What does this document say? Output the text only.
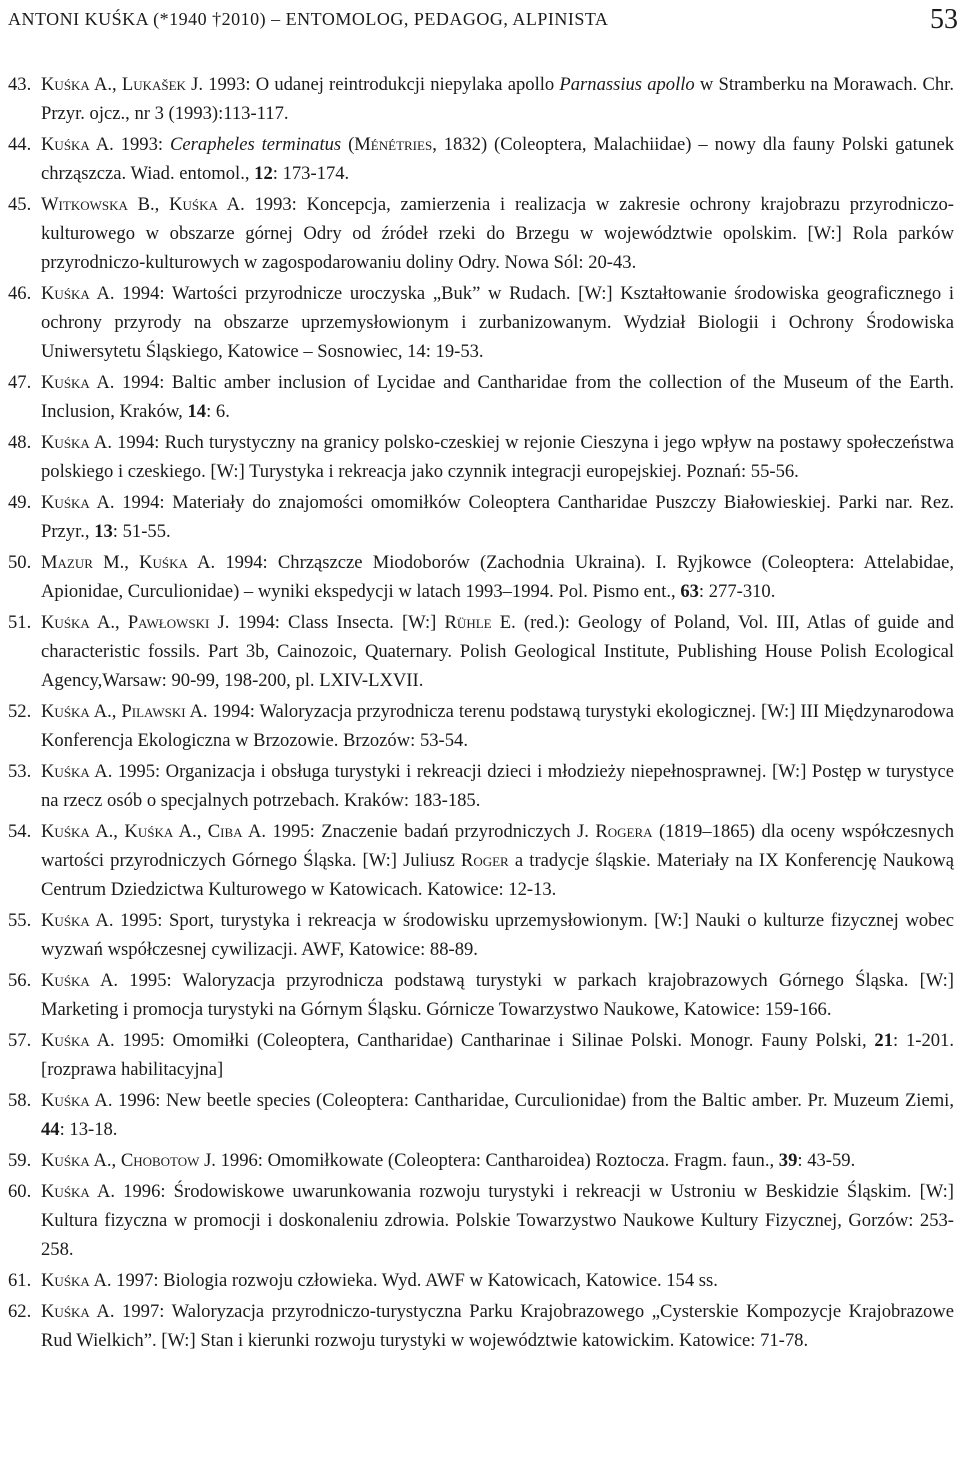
ANTONI KUŚKA (*1940 †2010) – ENTOMOLOG, PEDAGOG, ALPINISTA	53
43. Kuśka A., Lukašek J. 1993: O udanej reintrodukcji niepylaka apollo Parnassius apollo w Stramberku na Morawach. Chr. Przyr. ojcz., nr 3 (1993):113-117.
44. Kuśka A. 1993: Cerapheles terminatus (Ménétries, 1832) (Coleoptera, Malachiidae) – nowy dla fauny Polski gatunek chrząszcza. Wiad. entomol., 12: 173-174.
45. Witkowska B., Kuśka A. 1993: Koncepcja, zamierzenia i realizacja w zakresie ochrony krajobrazu przyrodniczo-kulturowego w obszarze górnej Odry od źródeł rzeki do Brzegu w województwie opolskim. [W:] Rola parków przyrodniczo-kulturowych w zagospodarowaniu doliny Odry. Nowa Sól: 20-43.
46. Kuśka A. 1994: Wartości przyrodnicze uroczyska „Buk” w Rudach. [W:] Kształtowanie środowiska geograficznego i ochrony przyrody na obszarze uprzemysłowionym i zurbanizowanym. Wydział Biologii i Ochrony Środowiska Uniwersytetu Śląskiego, Katowice – Sosnowiec, 14: 19-53.
47. Kuśka A. 1994: Baltic amber inclusion of Lycidae and Cantharidae from the collection of the Museum of the Earth. Inclusion, Kraków, 14: 6.
48. Kuśka A. 1994: Ruch turystyczny na granicy polsko-czeskiej w rejonie Cieszyna i jego wpływ na postawy społeczeństwa polskiego i czeskiego. [W:] Turystyka i rekreacja jako czynnik integracji europejskiej. Poznań: 55-56.
49. Kuśka A. 1994: Materiały do znajomości omomiłków Coleoptera Cantharidae Puszczy Białowieskiej. Parki nar. Rez. Przyr., 13: 51-55.
50. Mazur M., Kuśka A. 1994: Chrząszcze Miodoborów (Zachodnia Ukraina). I. Ryjkowce (Coleoptera: Attelabidae, Apionidae, Curculionidae) – wyniki ekspedycji w latach 1993–1994. Pol. Pismo ent., 63: 277-310.
51. Kuśka A., Pawłowski J. 1994: Class Insecta. [W:] Rühle E. (red.): Geology of Poland, Vol. III, Atlas of guide and characteristic fossils. Part 3b, Cainozoic, Quaternary. Polish Geological Institute, Publishing House Polish Ecological Agency,Warsaw: 90-99, 198-200, pl. LXIV-LXVII.
52. Kuśka A., Pilawski A. 1994: Waloryzacja przyrodnicza terenu podstawą turystyki ekologicznej. [W:] III Międzynarodowa Konferencja Ekologiczna w Brzozowie. Brzozów: 53-54.
53. Kuśka A. 1995: Organizacja i obsługa turystyki i rekreacji dzieci i młodzieży niepełnosprawnej. [W:] Postęp w turystyce na rzecz osób o specjalnych potrzebach. Kraków: 183-185.
54. Kuśka A., Kuśka A., Ciba A. 1995: Znaczenie badań przyrodniczych J. Rogera (1819–1865) dla oceny współczesnych wartości przyrodniczych Górnego Śląska. [W:] Juliusz Roger a tradycje śląskie. Materiały na IX Konferencję Naukową Centrum Dziedzictwa Kulturowego w Katowicach. Katowice: 12-13.
55. Kuśka A. 1995: Sport, turystyka i rekreacja w środowisku uprzemysłowionym. [W:] Nauki o kulturze fizycznej wobec wyzwań współczesnej cywilizacji. AWF, Katowice: 88-89.
56. Kuśka A. 1995: Waloryzacja przyrodnicza podstawą turystyki w parkach krajobrazowych Górnego Śląska. [W:] Marketing i promocja turystyki na Górnym Śląsku. Górnicze Towarzystwo Naukowe, Katowice: 159-166.
57. Kuśka A. 1995: Omomiłki (Coleoptera, Cantharidae) Cantharinae i Silinae Polski. Monogr. Fauny Polski, 21: 1-201. [rozprawa habilitacyjna]
58. Kuśka A. 1996: New beetle species (Coleoptera: Cantharidae, Curculionidae) from the Baltic amber. Pr. Muzeum Ziemi, 44: 13-18.
59. Kuśka A., Chobotow J. 1996: Omomiłkowate (Coleoptera: Cantharoidea) Roztocza. Fragm. faun., 39: 43-59.
60. Kuśka A. 1996: Środowiskowe uwarunkowania rozwoju turystyki i rekreacji w Ustroniu w Beskidzie Śląskim. [W:] Kultura fizyczna w promocji i doskonaleniu zdrowia. Polskie Towarzystwo Naukowe Kultury Fizycznej, Gorzów: 253-258.
61. Kuśka A. 1997: Biologia rozwoju człowieka. Wyd. AWF w Katowicach, Katowice. 154 ss.
62. Kuśka A. 1997: Waloryzacja przyrodniczo-turystyczna Parku Krajobrazowego „Cysterskie Kompozycje Krajobrazowe Rud Wielkich”. [W:] Stan i kierunki rozwoju turystyki w województwie katowickim. Katowice: 71-78.
